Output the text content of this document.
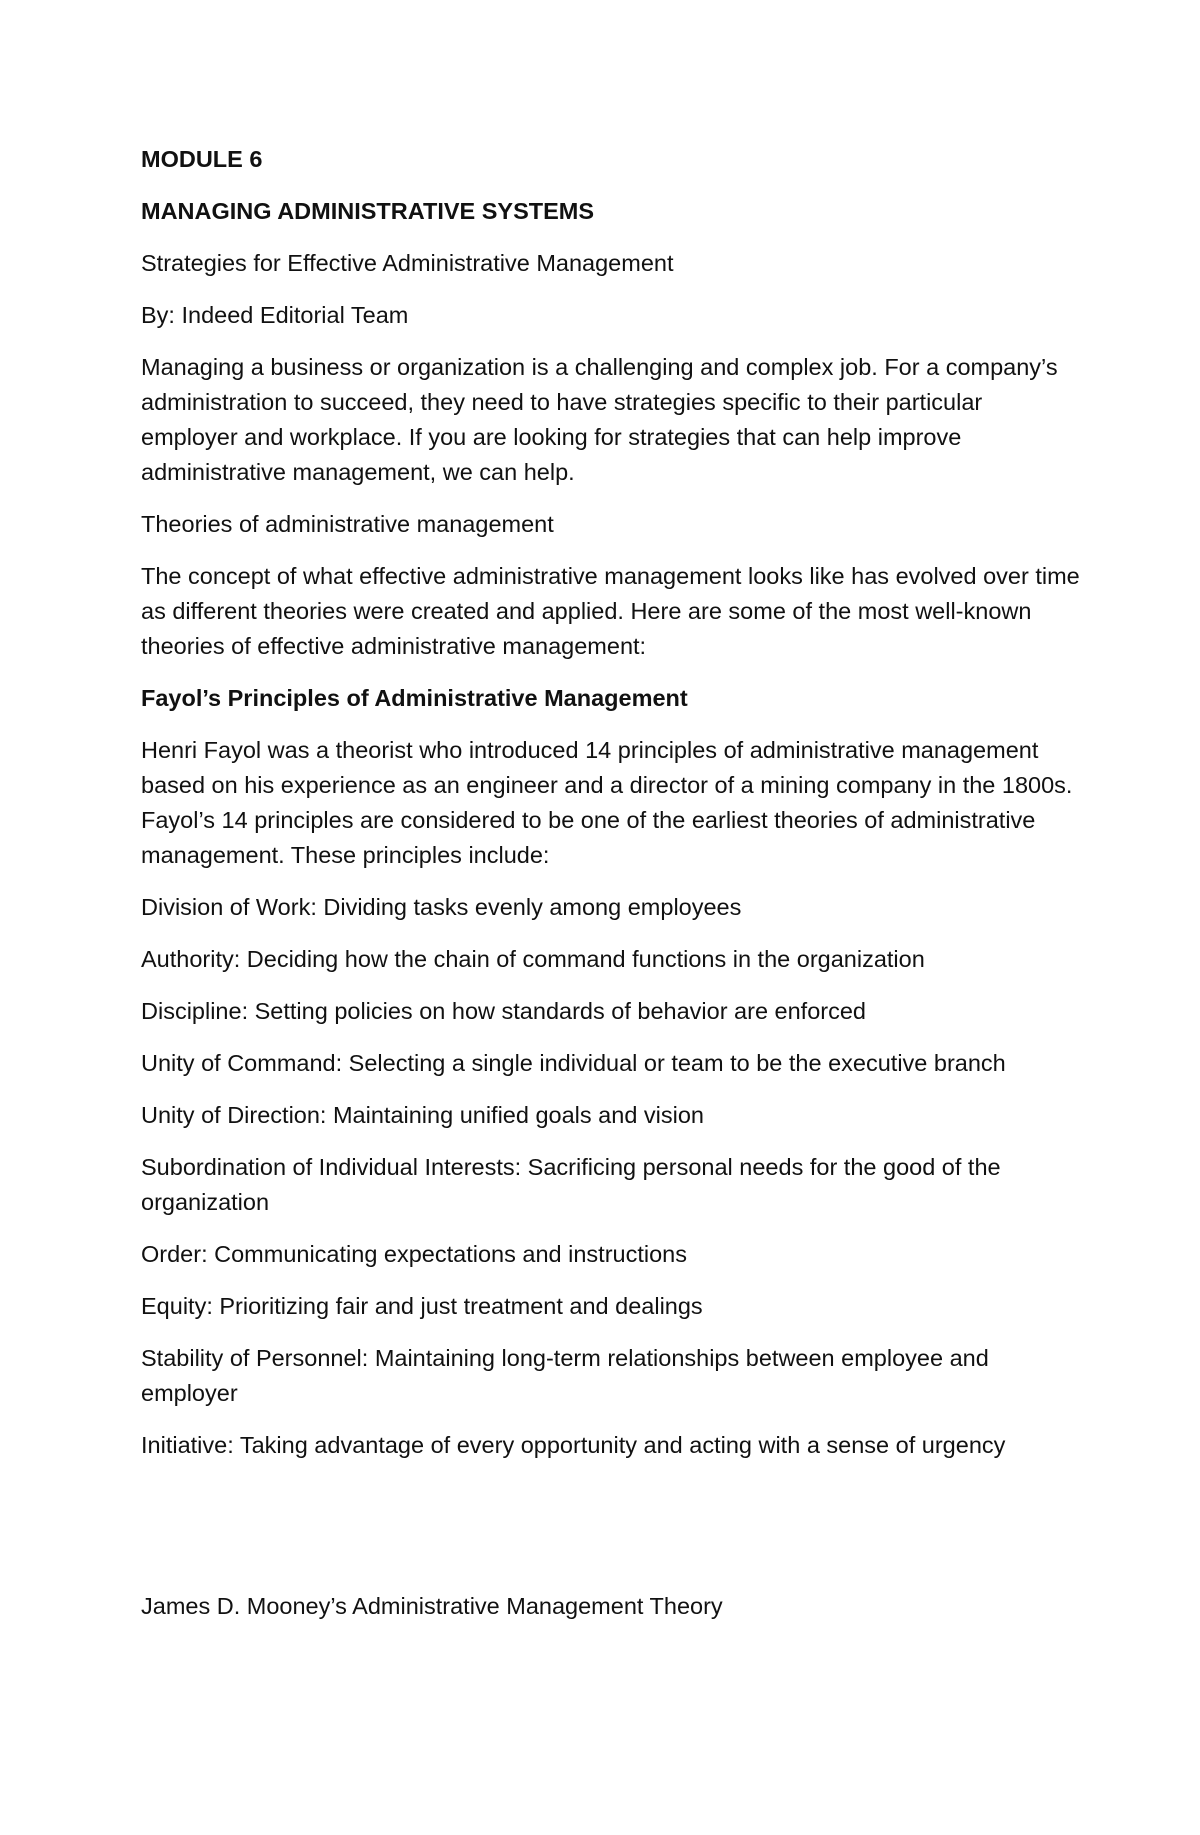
MODULE 6

MANAGING ADMINISTRATIVE SYSTEMS

Strategies for Effective Administrative Management

By: Indeed Editorial Team

Managing a business or organization is a challenging and complex job. For a company’s administration to succeed, they need to have strategies specific to their particular employer and workplace. If you are looking for strategies that can help improve administrative management, we can help.

Theories of administrative management

The concept of what effective administrative management looks like has evolved over time as different theories were created and applied. Here are some of the most well-known theories of effective administrative management:

Fayol’s Principles of Administrative Management

Henri Fayol was a theorist who introduced 14 principles of administrative management based on his experience as an engineer and a director of a mining company in the 1800s. Fayol’s 14 principles are considered to be one of the earliest theories of administrative management. These principles include:

Division of Work: Dividing tasks evenly among employees

Authority: Deciding how the chain of command functions in the organization

Discipline: Setting policies on how standards of behavior are enforced

Unity of Command: Selecting a single individual or team to be the executive branch

Unity of Direction: Maintaining unified goals and vision

Subordination of Individual Interests: Sacrificing personal needs for the good of the organization

Order: Communicating expectations and instructions

Equity: Prioritizing fair and just treatment and dealings

Stability of Personnel: Maintaining long-term relationships between employee and employer

Initiative: Taking advantage of every opportunity and acting with a sense of urgency

James D. Mooney’s Administrative Management Theory
